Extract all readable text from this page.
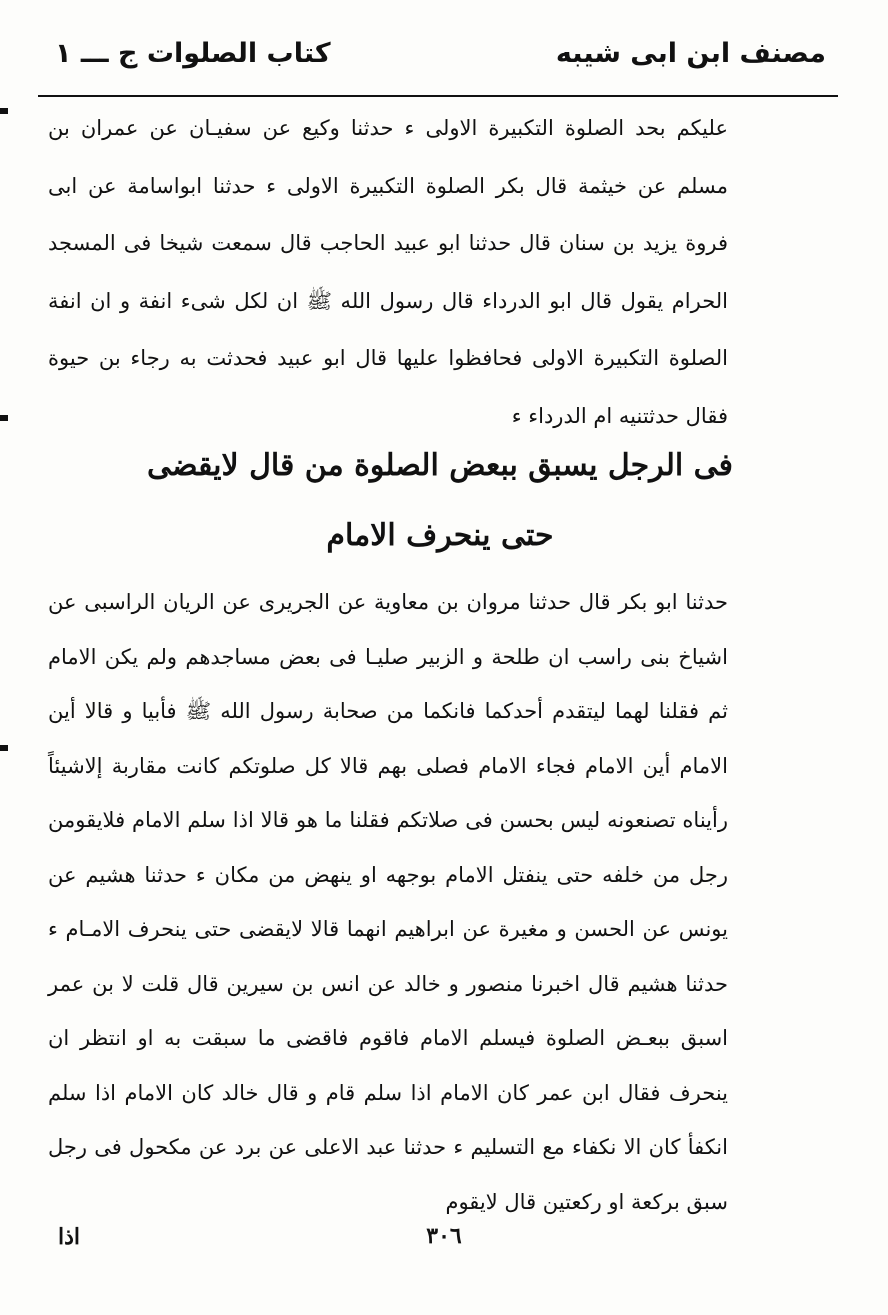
مصنف ابن ابی شیبه
کتاب الصلوات ج ـــ ١

علیکم بحد الصلوة التکبیرة الاولی ء حدثنا وکیع عن سفیـان عن عمران بن مسلم عن خیثمة قال بکر الصلوة التکبیرة الاولی ء حدثنا ابواسامة عن ابی فروة یزید بن سنان قال حدثنا ابو عبید الحاجب قال سمعت شیخا فی المسجد الحرام یقول قال ابو الدرداء قال رسول الله ﷺ ان لکل شیء انفة و ان انفة الصلوة التکبیرة الاولی فحافظوا علیها قال ابو عبید فحدثت به رجاء بن حیوة فقال حدثتنیه ام الدرداء ء

فی الرجل یسبق ببعض الصلوة من قال لایقضی
حتی ینحرف الامام

حدثنا ابو بکر قال حدثنا مروان بن معاویة عن الجریری عن الریان الراسبی عن اشیاخ بنی راسب ان طلحة و الزبیر صلیـا فی بعض مساجدهم ولم یکن الامام ثم فقلنا لهما لیتقدم أحدکما فانکما من صحابة رسول الله ﷺ فأبیا و قالا أین الامام أین الامام فجاء الامام فصلی بهم قالا کل صلوتکم کانت مقاربة إلاشیئاً رأیناه تصنعونه لیس بحسن فی صلاتکم فقلنا ما هو قالا اذا سلم الامام فلایقومن رجل من خلفه حتی ینفتل الامام بوجهه او ینهض من مکان ء حدثنا هشیم عن یونس عن الحسن و مغیرة عن ابراهیم انهما قالا لایقضی حتی ینحرف الامـام ء حدثنا هشیم قال اخبرنا منصور و خالد عن انس بن سیرین قال قلت لا بن عمر اسبق ببعـض الصلوة فیسلم الامام فاقوم فاقضی ما سبقت به او انتظر ان ینحرف فقال ابن عمر کان الامام اذا سلم قام و قال خالد کان الامام اذا سلم انکفأ کان الا نکفاء مع التسلیم ء حدثنا عبد الاعلی عن برد عن مکحول فی رجل سبق برکعة او رکعتین قال لایقوم

٣٠٦
اذا
